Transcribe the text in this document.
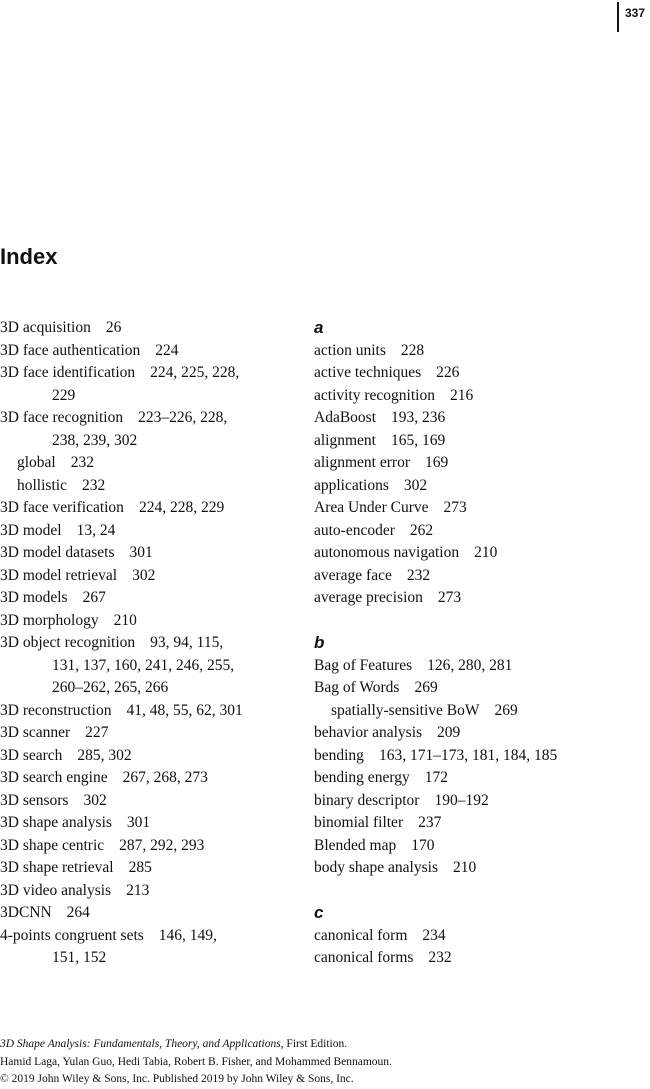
337
Index
3D acquisition 26
3D face authentication 224
3D face identification 224, 225, 228,
229
3D face recognition 223–226, 228,
238, 239, 302
global 232
hollistic 232
3D face verification 224, 228, 229
3D model 13, 24
3D model datasets 301
3D model retrieval 302
3D models 267
3D morphology 210
3D object recognition 93, 94, 115,
131, 137, 160, 241, 246, 255,
260–262, 265, 266
3D reconstruction 41, 48, 55, 62, 301
3D scanner 227
3D search 285, 302
3D search engine 267, 268, 273
3D sensors 302
3D shape analysis 301
3D shape centric 287, 292, 293
3D shape retrieval 285
3D video analysis 213
3DCNN 264
4-points congruent sets 146, 149,
151, 152
a
action units 228
active techniques 226
activity recognition 216
AdaBoost 193, 236
alignment 165, 169
alignment error 169
applications 302
Area Under Curve 273
auto-encoder 262
autonomous navigation 210
average face 232
average precision 273
b
Bag of Features 126, 280, 281
Bag of Words 269
spatially-sensitive BoW 269
behavior analysis 209
bending 163, 171–173, 181, 184, 185
bending energy 172
binary descriptor 190–192
binomial filter 237
Blended map 170
body shape analysis 210
c
canonical form 234
canonical forms 232
3D Shape Analysis: Fundamentals, Theory, and Applications, First Edition.
Hamid Laga, Yulan Guo, Hedi Tabia, Robert B. Fisher, and Mohammed Bennamoun.
© 2019 John Wiley & Sons, Inc. Published 2019 by John Wiley & Sons, Inc.
